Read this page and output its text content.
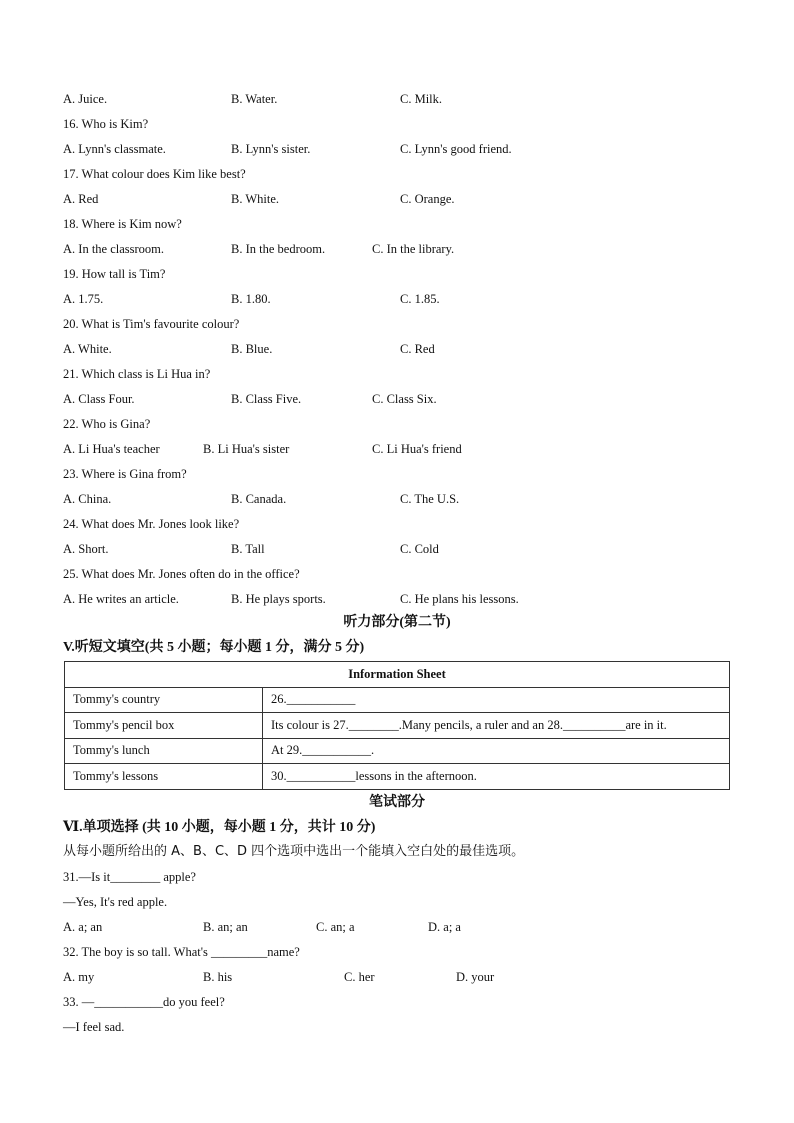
A. Juice.	B. Water.	C. Milk.
16. Who is Kim?
A. Lynn's classmate.	B. Lynn's sister.	C. Lynn's good friend.
17. What colour does Kim like best?
A. Red	B. White.	C. Orange.
18. Where is Kim now?
A. In the classroom.	B. In the bedroom.	C. In the library.
19. How tall is Tim?
A. 1.75.	B. 1.80.	C. 1.85.
20. What is Tim's favourite colour?
A. White.	B. Blue.	C. Red
21. Which class is Li Hua in?
A. Class Four.	B. Class Five.	C. Class Six.
22. Who is Gina?
A. Li Hua's teacher	B. Li Hua's sister	C. Li Hua's friend
23. Where is Gina from?
A. China.	B. Canada.	C. The U.S.
24. What does Mr. Jones look like?
A. Short.	B. Tall	C. Cold
25. What does Mr. Jones often do in the office?
A. He writes an article.	B. He plays sports.	C. He plans his lessons.
听力部分(第二节)
V.听短文填空(共 5 小题；每小题 1 分，满分 5 分)
Information Sheet	
Tommy's country	26.___________
Tommy's pencil box	Its colour is 27.________.Many pencils, a ruler and an 28.__________are in it.
Tommy's lunch	At 29.___________.
Tommy's lessons	30.___________lessons in the afternoon.
笔试部分
Ⅵ.单项选择 (共 10 小题，每小题 1 分，共计 10 分)
从每小题所给出的 A、B、C、D 四个选项中选出一个能填入空白处的最佳选项。
31.—Is it________ apple?
—Yes, It's red apple.
A. a; an	B. an; an	C. an; a	D. a; a
32. The boy is so tall. What's _________name?
A. my	B. his	C. her	D. your
33. —___________do you feel?
—I feel sad.
